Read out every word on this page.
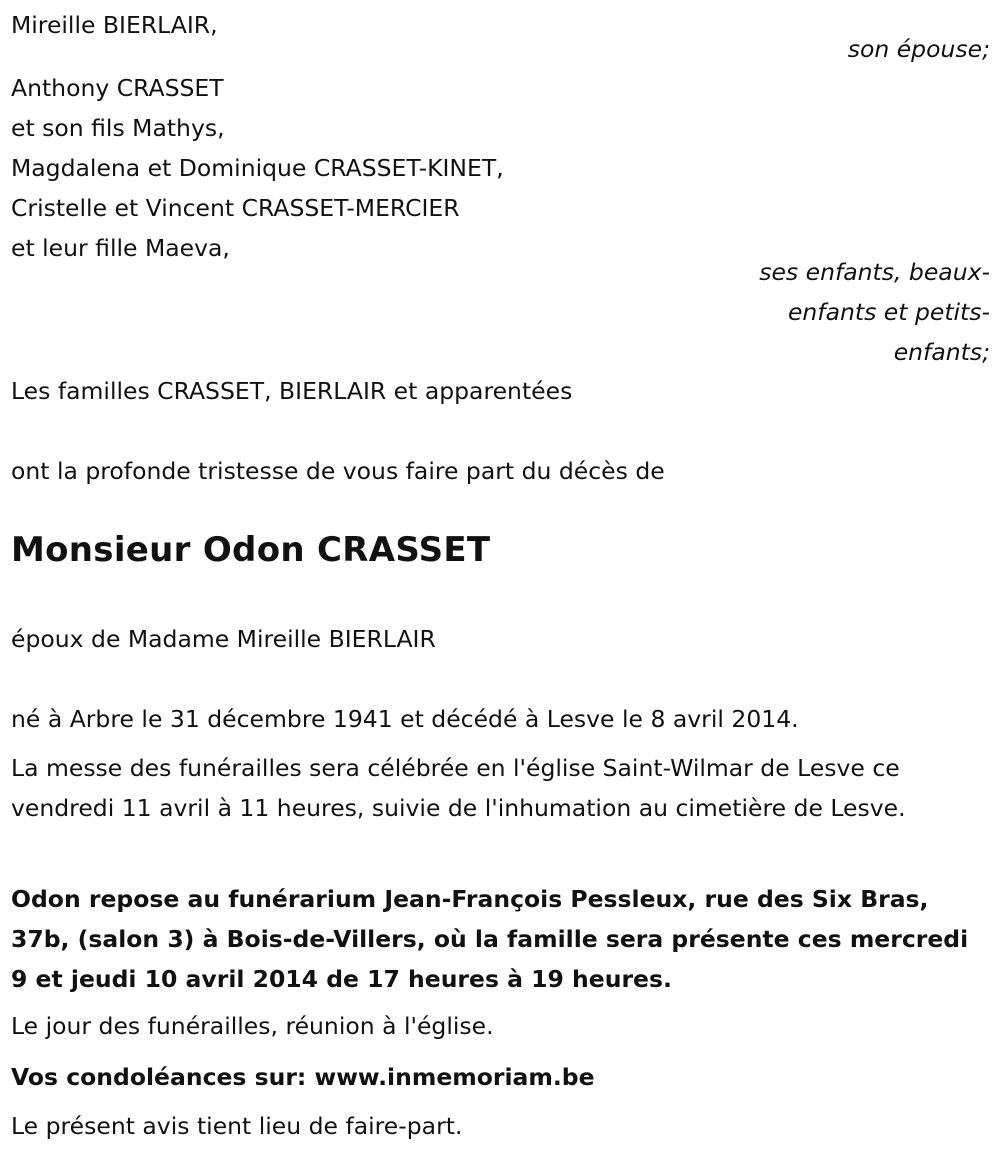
Mireille BIERLAIR,

son épouse;

Anthony CRASSET

et son fils Mathys,

Magdalena et Dominique CRASSET-KINET,

Cristelle et Vincent CRASSET-MERCIER

et leur fille Maeva,

ses enfants, beaux-

enfants et petits-

enfants;

Les familles CRASSET, BIERLAIR et apparentées

ont la profonde tristesse de vous faire part du décès de

Monsieur Odon CRASSET

époux de Madame Mireille BIERLAIR

né à Arbre le 31 décembre 1941 et décédé à Lesve le 8 avril 2014.

La messe des funérailles sera célébrée en l'église Saint-Wilmar de Lesve ce vendredi 11 avril à 11 heures, suivie de l'inhumation au cimetière de Lesve.

Odon repose au funérarium Jean-François Pessleux, rue des Six Bras, 37b, (salon 3) à Bois-de-Villers, où la famille sera présente ces mercredi 9 et jeudi 10 avril 2014 de 17 heures à 19 heures.

Le jour des funérailles, réunion à l'église.

Vos condoléances sur: www.inmemoriam.be

Le présent avis tient lieu de faire-part.
